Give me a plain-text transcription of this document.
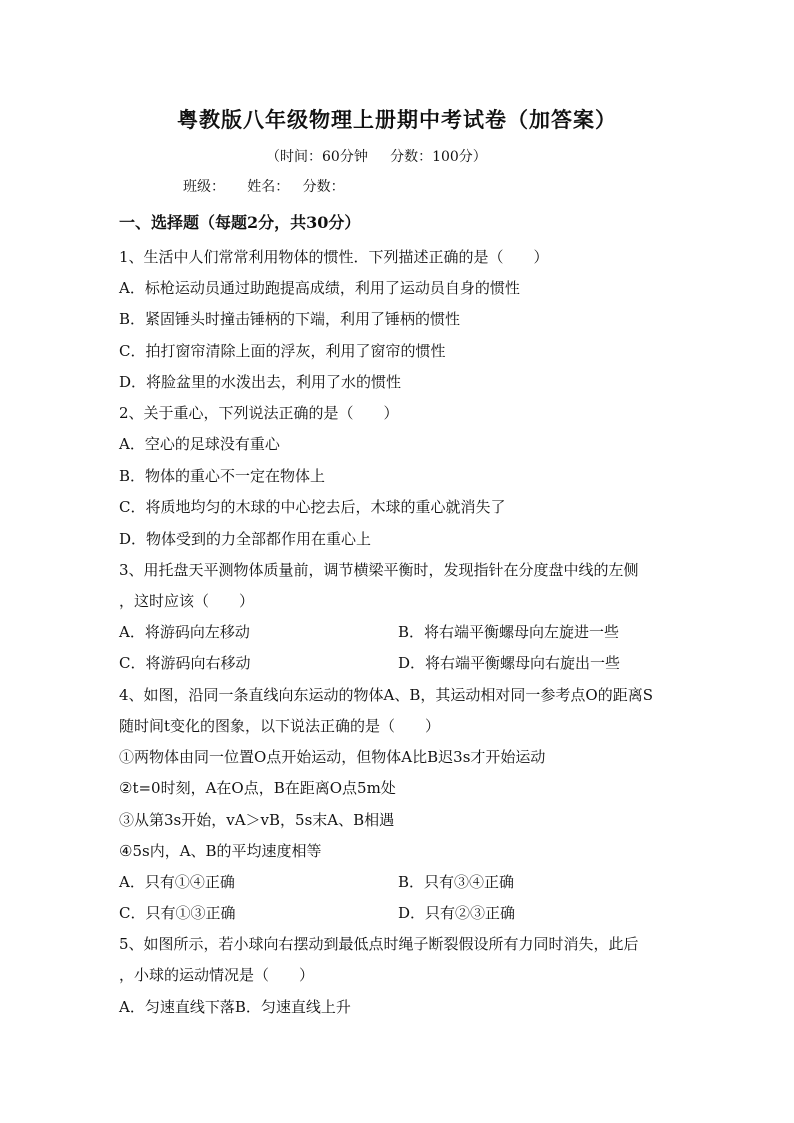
粤教版八年级物理上册期中考试卷（加答案）
（时间：60分钟     分数：100分）
班级：     姓名：   分数：
一、选择题（每题2分，共30分）
1、生活中人们常常利用物体的惯性．下列描述正确的是（　　）
A．标枪运动员通过助跑提高成绩，利用了运动员自身的惯性
B．紧固锤头时撞击锤柄的下端，利用了锤柄的惯性
C．拍打窗帘清除上面的浮灰，利用了窗帘的惯性
D．将脸盆里的水泼出去，利用了水的惯性
2、关于重心，下列说法正确的是（　　）
A．空心的足球没有重心
B．物体的重心不一定在物体上
C．将质地均匀的木球的中心挖去后，木球的重心就消失了
D．物体受到的力全部都作用在重心上
3、用托盘天平测物体质量前，调节横梁平衡时，发现指针在分度盘中线的左侧
，这时应该（　　）
A．将游码向左移动	B．将右端平衡螺母向左旋进一些
C．将游码向右移动	D．将右端平衡螺母向右旋出一些
4、如图，沿同一条直线向东运动的物体A、B，其运动相对同一参考点O的距离S
随时间t变化的图象，以下说法正确的是（　　）
①两物体由同一位置O点开始运动，但物体A比B迟3s才开始运动
②t=0时刻，A在O点，B在距离O点5m处
③从第3s开始，vA＞vB，5s末A、B相遇
④5s内，A、B的平均速度相等
A．只有①④正确	B．只有③④正确
C．只有①③正确	D．只有②③正确
5、如图所示，若小球向右摆动到最低点时绳子断裂假设所有力同时消失，此后
，小球的运动情况是（　　）
A．匀速直线下落B．匀速直线上升
